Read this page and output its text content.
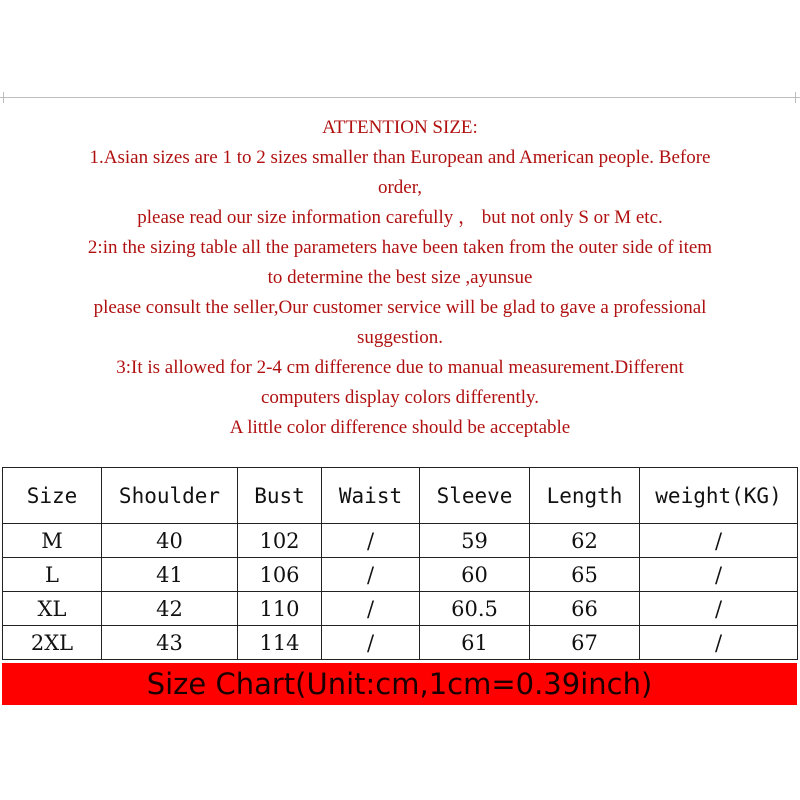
ATTENTION SIZE:
1.Asian sizes are 1 to 2 sizes smaller than European and American people. Before
order,
please read our size information carefully ， but not only S or M etc.
2:in the sizing table all the parameters have been taken from the outer side of item
to determine the best size ,ayunsue
please consult the seller,Our customer service will be glad to gave a professional
suggestion.
3:It is allowed for 2-4 cm difference due to manual measurement.Different
computers display colors differently.
A little color difference should be acceptable
Size	Shoulder	Bust	Waist	Sleeve	Length	weight(KG)
M	40	102	/	59	62	/
L	41	106	/	60	65	/
XL	42	110	/	60.5	66	/
2XL	43	114	/	61	67	/
Size Chart(Unit:cm,1cm=0.39inch)
